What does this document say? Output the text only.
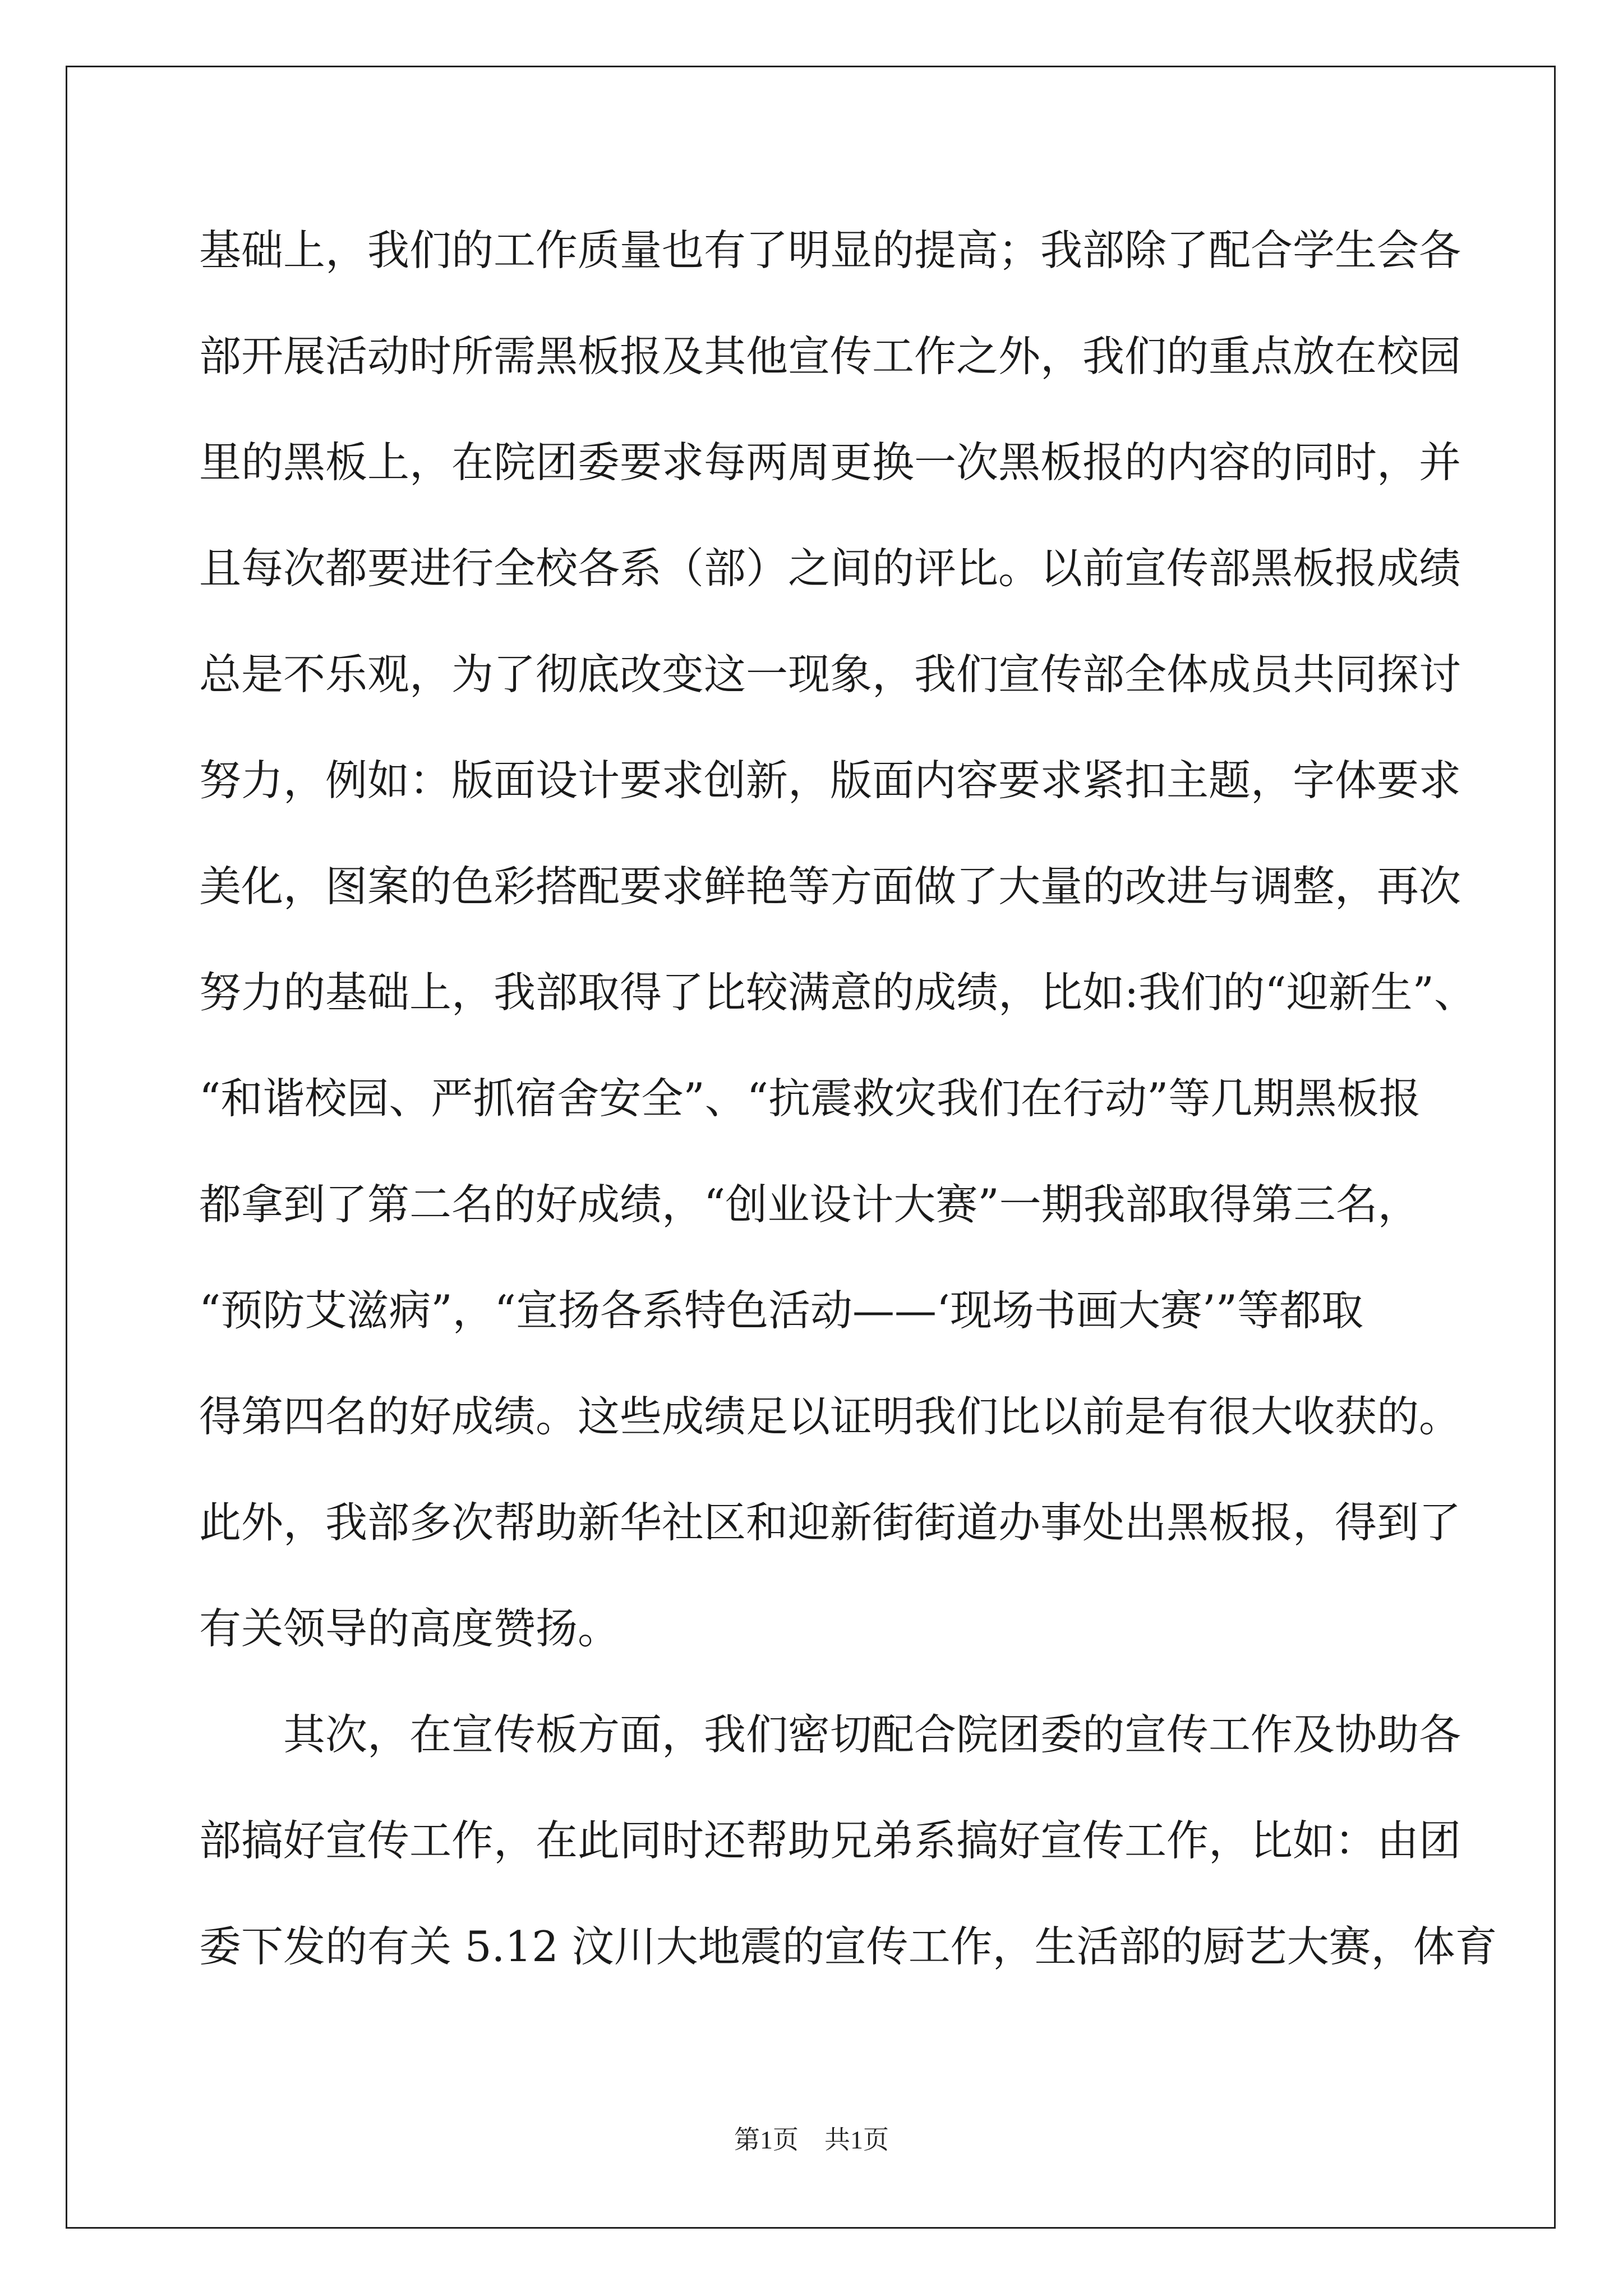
基础上，我们的工作质量也有了明显的提高；我部除了配合学生会各
部开展活动时所需黑板报及其他宣传工作之外，我们的重点放在校园
里的黑板上，在院团委要求每两周更换一次黑板报的内容的同时，并
且每次都要进行全校各系（部）之间的评比。以前宣传部黑板报成绩
总是不乐观，为了彻底改变这一现象，我们宣传部全体成员共同探讨
努力，例如：版面设计要求创新，版面内容要求紧扣主题，字体要求
美化，图案的色彩搭配要求鲜艳等方面做了大量的改进与调整，再次
努力的基础上，我部取得了比较满意的成绩，比如:我们的“迎新生”、
“和谐校园、严抓宿舍安全”、“抗震救灾我们在行动”等几期黑板报
都拿到了第二名的好成绩，“创业设计大赛”一期我部取得第三名，
“预防艾滋病”，“宣扬各系特色活动——‘现场书画大赛’”等都取
得第四名的好成绩。这些成绩足以证明我们比以前是有很大收获的。
此外，我部多次帮助新华社区和迎新街街道办事处出黑板报，得到了
有关领导的高度赞扬。
　　其次，在宣传板方面，我们密切配合院团委的宣传工作及协助各
部搞好宣传工作，在此同时还帮助兄弟系搞好宣传工作，比如：由团
委下发的有关 5.12 汶川大地震的宣传工作，生活部的厨艺大赛，体育
第1页　共1页
